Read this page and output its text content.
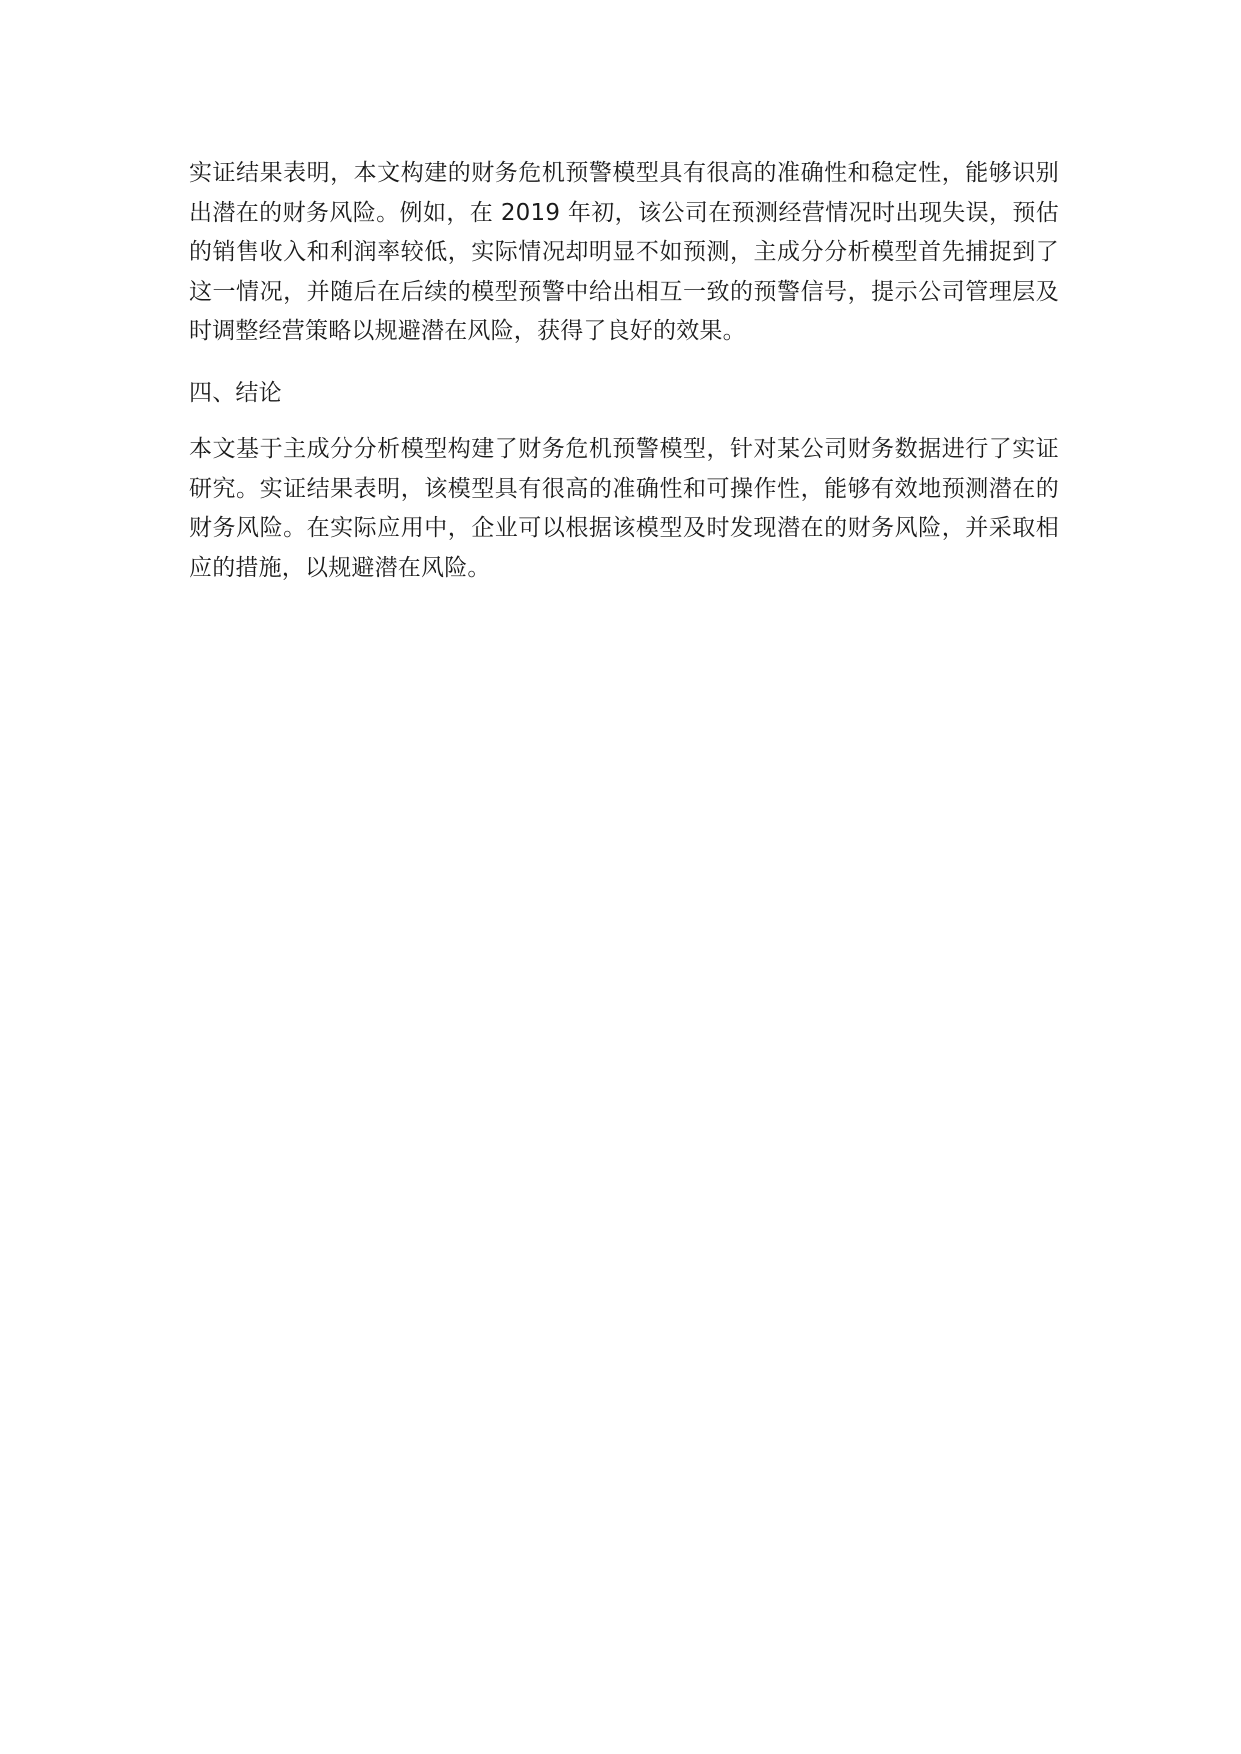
实证结果表明，本文构建的财务危机预警模型具有很高的准确性和稳定性，能够识别出潜在的财务风险。例如，在 2019 年初，该公司在预测经营情况时出现失误，预估的销售收入和利润率较低，实际情况却明显不如预测，主成分分析模型首先捕捉到了这一情况，并随后在后续的模型预警中给出相互一致的预警信号，提示公司管理层及时调整经营策略以规避潜在风险，获得了良好的效果。

四、结论

本文基于主成分分析模型构建了财务危机预警模型，针对某公司财务数据进行了实证研究。实证结果表明，该模型具有很高的准确性和可操作性，能够有效地预测潜在的财务风险。在实际应用中，企业可以根据该模型及时发现潜在的财务风险，并采取相应的措施，以规避潜在风险。
